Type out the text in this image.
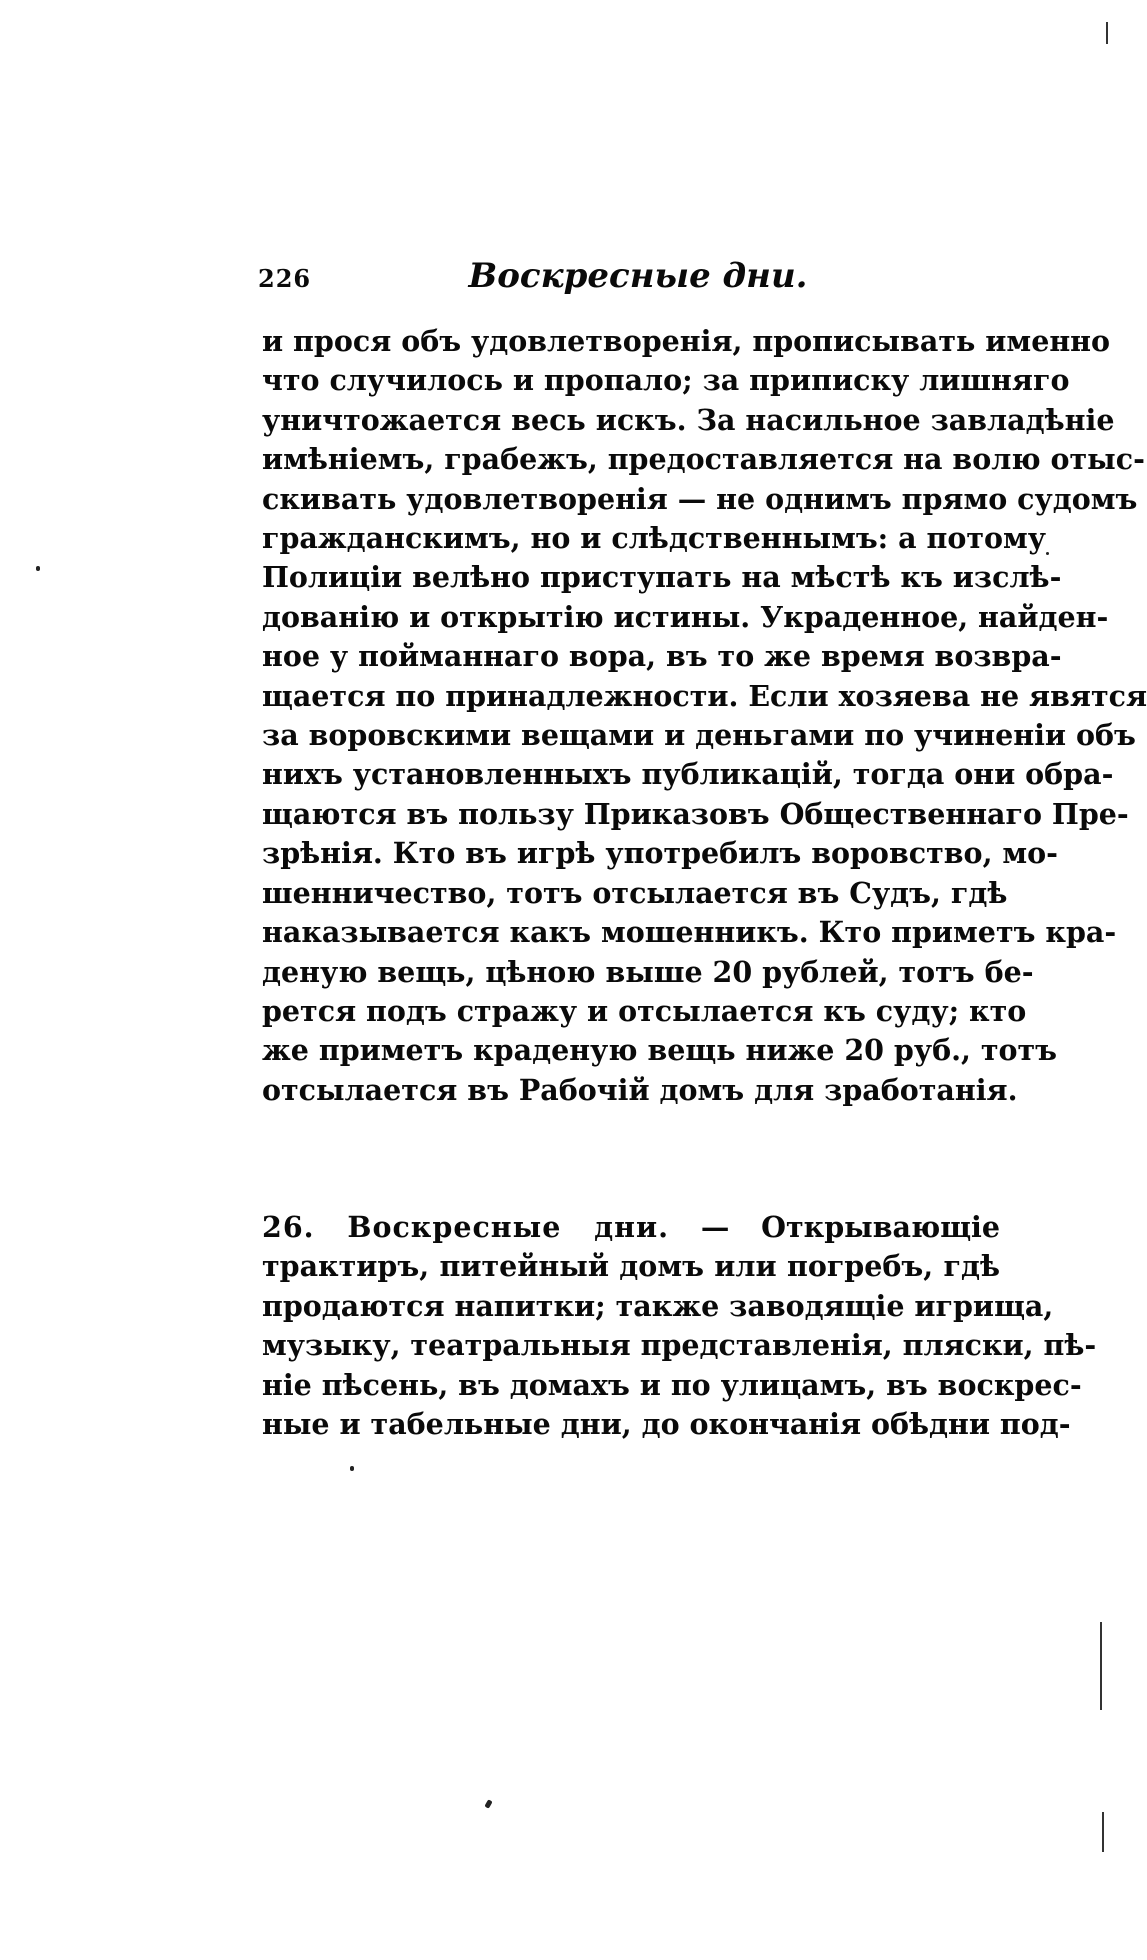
226	Воскресные дни.
и прося объ удовлетворенія, прописывать именно
что случилось и пропало; за приписку лишняго
уничтожается весь искъ. За насильное завладѣніе
имѣніемъ, грабежъ, предоставляется на волю отыс-
скивать удовлетворенія — не однимъ прямо судомъ
гражданскимъ, но и слѣдственнымъ: а потому
Полиціи велѣно приступать на мѣстѣ къ изслѣ-
дованію и открытію истины. Украденное, найден-
ное у пойманнаго вора, въ то же время возвра-
щается по принадлежности. Если хозяева не явятся
за воровскими вещами и деньгами по учиненіи объ
нихъ установленныхъ публикацій, тогда они обра-
щаются въ пользу Приказовъ Общественнаго Пре-
зрѣнія. Кто въ игрѣ употребилъ воровство, мо-
шенничество, тотъ отсылается въ Судъ, гдѣ
наказывается какъ мошенникъ. Кто приметъ кра-
деную вещь, цѣною выше 20 рублей, тотъ бе-
рется подъ стражу и отсылается къ суду; кто
же приметъ краденую вещь ниже 20 руб., тотъ
отсылается въ Рабочій домъ для зработанія.
26. Воскресные дни. — Открывающіе
трактиръ, питейный домъ или погребъ, гдѣ
продаются напитки; также заводящіе игрища,
музыку, театральныя представленія, пляски, пѣ-
ніе пѣсень, въ домахъ и по улицамъ, въ воскрес-
ные и табельные дни, до окончанія обѣдни под-
